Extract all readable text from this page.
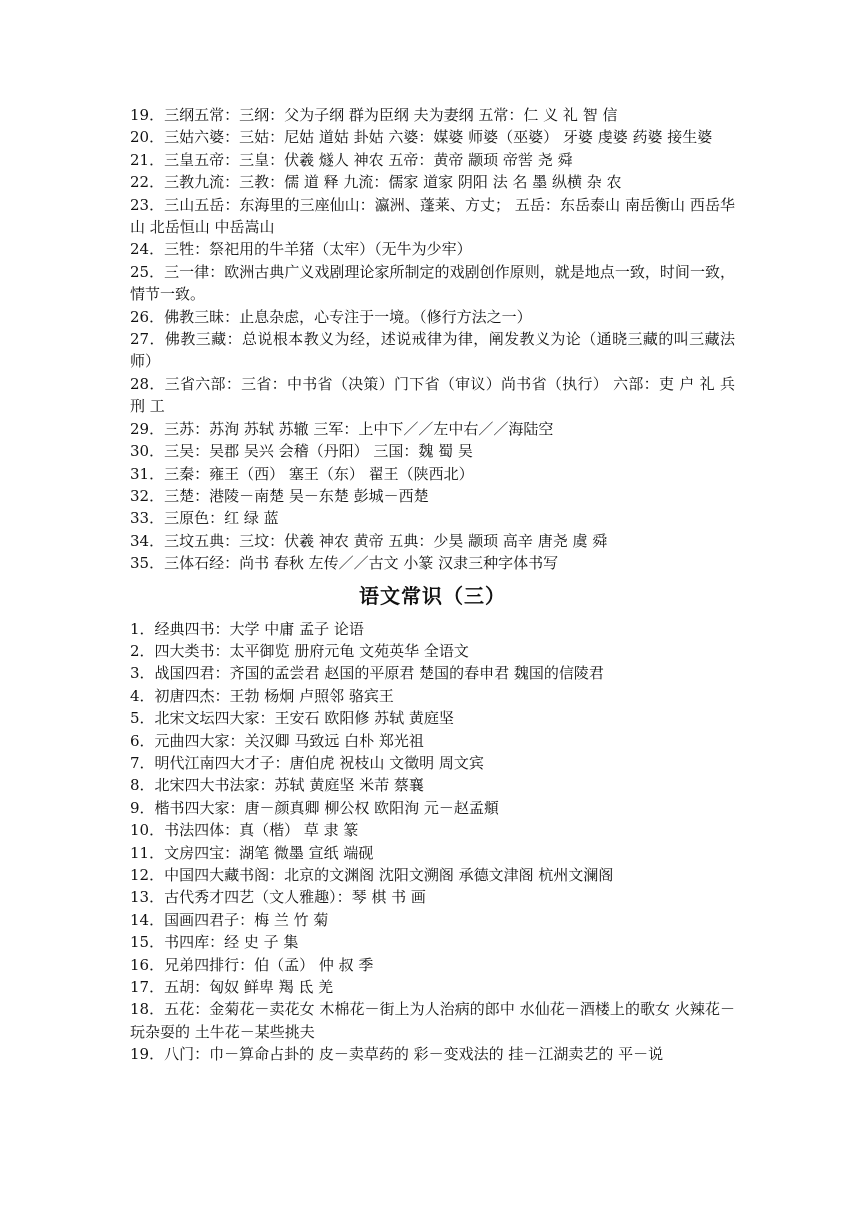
19．三纲五常：三纲：父为子纲 群为臣纲 夫为妻纲 五常：仁 义 礼 智 信

20．三姑六婆：三姑：尼姑 道姑 卦姑 六婆：媒婆 师婆（巫婆） 牙婆 虔婆 药婆 接生婆

21．三皇五帝：三皇：伏羲 燧人 神农 五帝：黄帝 颛顼 帝喾 尧 舜

22．三教九流：三教：儒 道 释 九流：儒家 道家 阴阳 法 名 墨 纵横 杂 农

23．三山五岳：东海里的三座仙山：瀛洲、蓬莱、方丈； 五岳：东岳泰山 南岳衡山 西岳华山 北岳恒山 中岳嵩山

24．三牲：祭祀用的牛羊猪（太牢）（无牛为少牢）

25．三一律：欧洲古典广义戏剧理论家所制定的戏剧创作原则，就是地点一致，时间一致，情节一致。

26．佛教三昧：止息杂虑，心专注于一境。（修行方法之一）

27．佛教三藏：总说根本教义为经，述说戒律为律，阐发教义为论（通晓三藏的叫三藏法师）

28．三省六部：三省：中书省（决策）门下省（审议）尚书省（执行） 六部：吏 户 礼 兵 刑 工

29．三苏：苏洵 苏轼 苏辙 三军：上中下／／左中右／／海陆空

30．三吴：吴郡 吴兴 会稽（丹阳） 三国：魏 蜀 吴

31．三秦：雍王（西） 塞王（东） 翟王（陕西北）

32．三楚：港陵－南楚 吴－东楚 彭城－西楚

33．三原色：红 绿 蓝

34．三坟五典：三坟：伏羲 神农 黄帝 五典：少昊 颛顼 高辛 唐尧 虞 舜

35．三体石经：尚书 春秋 左传／／古文 小篆 汉隶三种字体书写

语文常识（三）

1．经典四书：大学 中庸 孟子 论语

2．四大类书：太平御览 册府元龟 文苑英华 全语文

3．战国四君：齐国的孟尝君 赵国的平原君 楚国的春申君 魏国的信陵君

4．初唐四杰：王勃 杨炯 卢照邻 骆宾王

5．北宋文坛四大家：王安石 欧阳修 苏轼 黄庭坚

6．元曲四大家：关汉卿 马致远 白朴 郑光祖

7．明代江南四大才子：唐伯虎 祝枝山 文徵明 周文宾

8．北宋四大书法家：苏轼 黄庭坚 米芾 蔡襄

9．楷书四大家：唐－颜真卿 柳公权 欧阳洵 元－赵孟頫

10．书法四体：真（楷） 草 隶 篆

11．文房四宝：湖笔 微墨 宣纸 端砚

12．中国四大藏书阁：北京的文渊阁 沈阳文溯阁 承德文津阁 杭州文澜阁

13．古代秀才四艺（文人雅趣）：琴 棋 书 画

14．国画四君子：梅 兰 竹 菊

15．书四库：经 史 子 集

16．兄弟四排行：伯（孟） 仲 叔 季

17．五胡：匈奴 鲜卑 羯 氐 羌

18．五花：金菊花－卖花女 木棉花－街上为人治病的郎中 水仙花－酒楼上的歌女 火辣花－玩杂耍的 土牛花－某些挑夫

19．八门：巾－算命占卦的 皮－卖草药的 彩－变戏法的 挂－江湖卖艺的 平－说
